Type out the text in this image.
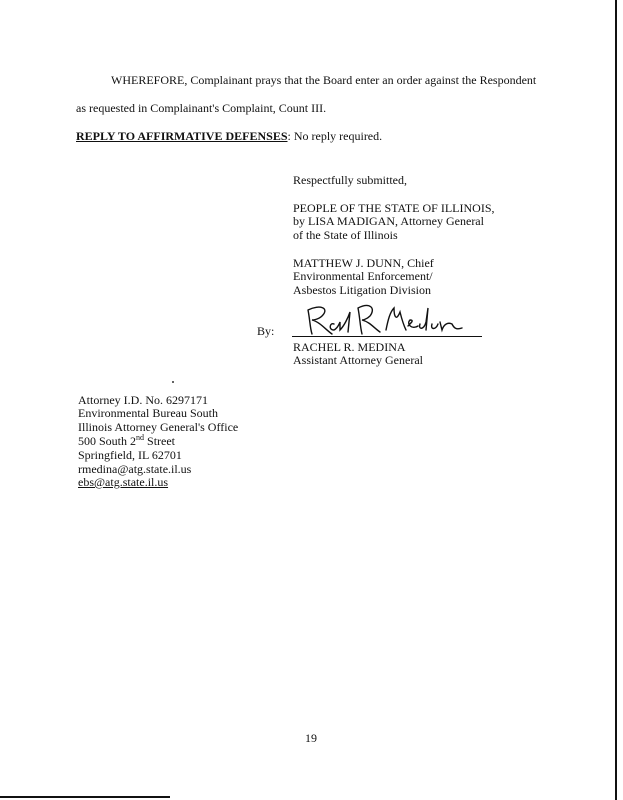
WHEREFORE, Complainant prays that the Board enter an order against the Respondent
as requested in Complainant's Complaint, Count III.
REPLY TO AFFIRMATIVE DEFENSES: No reply required.
Respectfully submitted,
PEOPLE OF THE STATE OF ILLINOIS,
by LISA MADIGAN, Attorney General
of the State of Illinois
MATTHEW J. DUNN, Chief
Environmental Enforcement/
Asbestos Litigation Division
By:
RACHEL R. MEDINA
Assistant Attorney General
Attorney I.D. No. 6297171
Environmental Bureau South
Illinois Attorney General's Office
500 South 2nd Street
Springfield, IL 62701
rmedina@atg.state.il.us
ebs@atg.state.il.us
19
